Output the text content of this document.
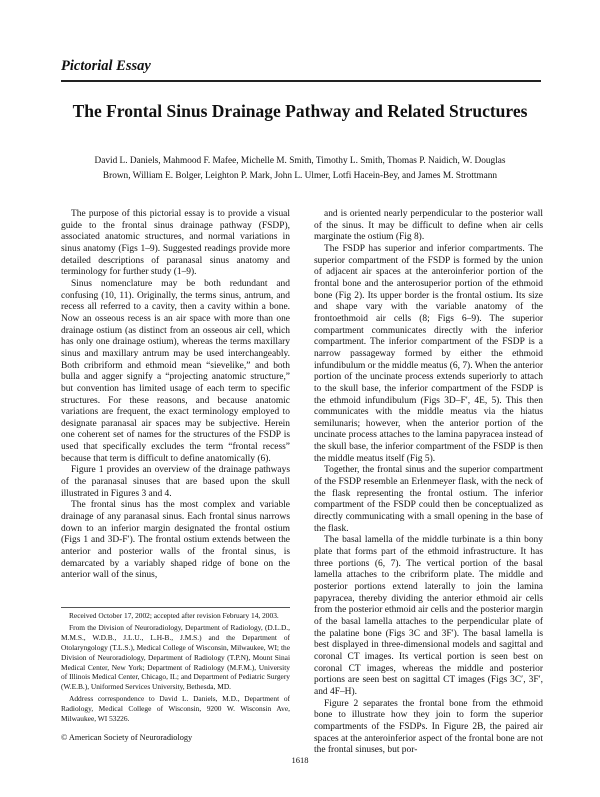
Pictorial Essay
The Frontal Sinus Drainage Pathway and Related Structures
David L. Daniels, Mahmood F. Mafee, Michelle M. Smith, Timothy L. Smith, Thomas P. Naidich, W. Douglas Brown, William E. Bolger, Leighton P. Mark, John L. Ulmer, Lotfi Hacein-Bey, and James M. Strottmann

The purpose of this pictorial essay is to provide a visual guide to the frontal sinus drainage pathway (FSDP), associated anatomic structures, and normal variations in sinus anatomy (Figs 1–9). Suggested readings provide more detailed descriptions of paranasal sinus anatomy and terminology for further study (1–9).

Sinus nomenclature may be both redundant and confusing (10, 11). Originally, the terms sinus, antrum, and recess all referred to a cavity, then a cavity within a bone. Now an osseous recess is an air space with more than one drainage ostium (as distinct from an osseous air cell, which has only one drainage ostium), whereas the terms maxillary sinus and maxillary antrum may be used interchangeably. Both cribriform and ethmoid mean “sievelike,” and both bulla and agger signify a “projecting anatomic structure,” but convention has limited usage of each term to specific structures. For these reasons, and because anatomic variations are frequent, the exact terminology employed to designate paranasal air spaces may be subjective. Herein one coherent set of names for the structures of the FSDP is used that specifically excludes the term “frontal recess” because that term is difficult to define anatomically (6).

Figure 1 provides an overview of the drainage pathways of the paranasal sinuses that are based upon the skull illustrated in Figures 3 and 4.

The frontal sinus has the most complex and variable drainage of any paranasal sinus. Each frontal sinus narrows down to an inferior margin designated the frontal ostium (Figs 1 and 3D-F′). The frontal ostium extends between the anterior and posterior walls of the frontal sinus, is demarcated by a variably shaped ridge of bone on the anterior wall of the sinus,

and is oriented nearly perpendicular to the posterior wall of the sinus. It may be difficult to define when air cells marginate the ostium (Fig 8).

The FSDP has superior and inferior compartments. The superior compartment of the FSDP is formed by the union of adjacent air spaces at the anteroinferior portion of the frontal bone and the anterosuperior portion of the ethmoid bone (Fig 2). Its upper border is the frontal ostium. Its size and shape vary with the variable anatomy of the frontoethmoid air cells (8; Figs 6–9). The superior compartment communicates directly with the inferior compartment. The inferior compartment of the FSDP is a narrow passageway formed by either the ethmoid infundibulum or the middle meatus (6, 7). When the anterior portion of the uncinate process extends superiorly to attach to the skull base, the inferior compartment of the FSDP is the ethmoid infundibulum (Figs 3D–F′, 4E, 5). This then communicates with the middle meatus via the hiatus semilunaris; however, when the anterior portion of the uncinate process attaches to the lamina papyracea instead of the skull base, the inferior compartment of the FSDP is then the middle meatus itself (Fig 5).

Together, the frontal sinus and the superior compartment of the FSDP resemble an Erlenmeyer flask, with the neck of the flask representing the frontal ostium. The inferior compartment of the FSDP could then be conceptualized as directly communicating with a small opening in the base of the flask.

The basal lamella of the middle turbinate is a thin bony plate that forms part of the ethmoid infrastructure. It has three portions (6, 7). The vertical portion of the basal lamella attaches to the cribriform plate. The middle and posterior portions extend laterally to join the lamina papyracea, thereby dividing the anterior ethmoid air cells from the posterior ethmoid air cells and the posterior margin of the basal lamella attaches to the perpendicular plate of the palatine bone (Figs 3C and 3F′). The basal lamella is best displayed in three-dimensional models and sagittal and coronal CT images. Its vertical portion is seen best on coronal CT images, whereas the middle and posterior portions are seen best on sagittal CT images (Figs 3C′, 3F′, and 4F–H).

Figure 2 separates the frontal bone from the ethmoid bone to illustrate how they join to form the superior compartments of the FSDPs. In Figure 2B, the paired air spaces at the anteroinferior aspect of the frontal bone are not the frontal sinuses, but por-

Received October 17, 2002; accepted after revision February 14, 2003.

From the Division of Neuroradiology, Department of Radiology, (D.L.D., M.M.S., W.D.B., J.L.U., L.H-B., J.M.S.) and the Department of Otolaryngology (T.L.S.), Medical College of Wisconsin, Milwaukee, WI; the Division of Neuroradiology, Department of Radiology (T.P.N), Mount Sinai Medical Center, New York; Department of Radiology (M.F.M.), University of Illinois Medical Center, Chicago, IL; and Department of Pediatric Surgery (W.E.B.), Uniformed Services University, Bethesda, MD.

Address correspondence to David L. Daniels, M.D., Department of Radiology, Medical College of Wisconsin, 9200 W. Wisconsin Ave, Milwaukee, WI 53226.

© American Society of Neuroradiology
1618
